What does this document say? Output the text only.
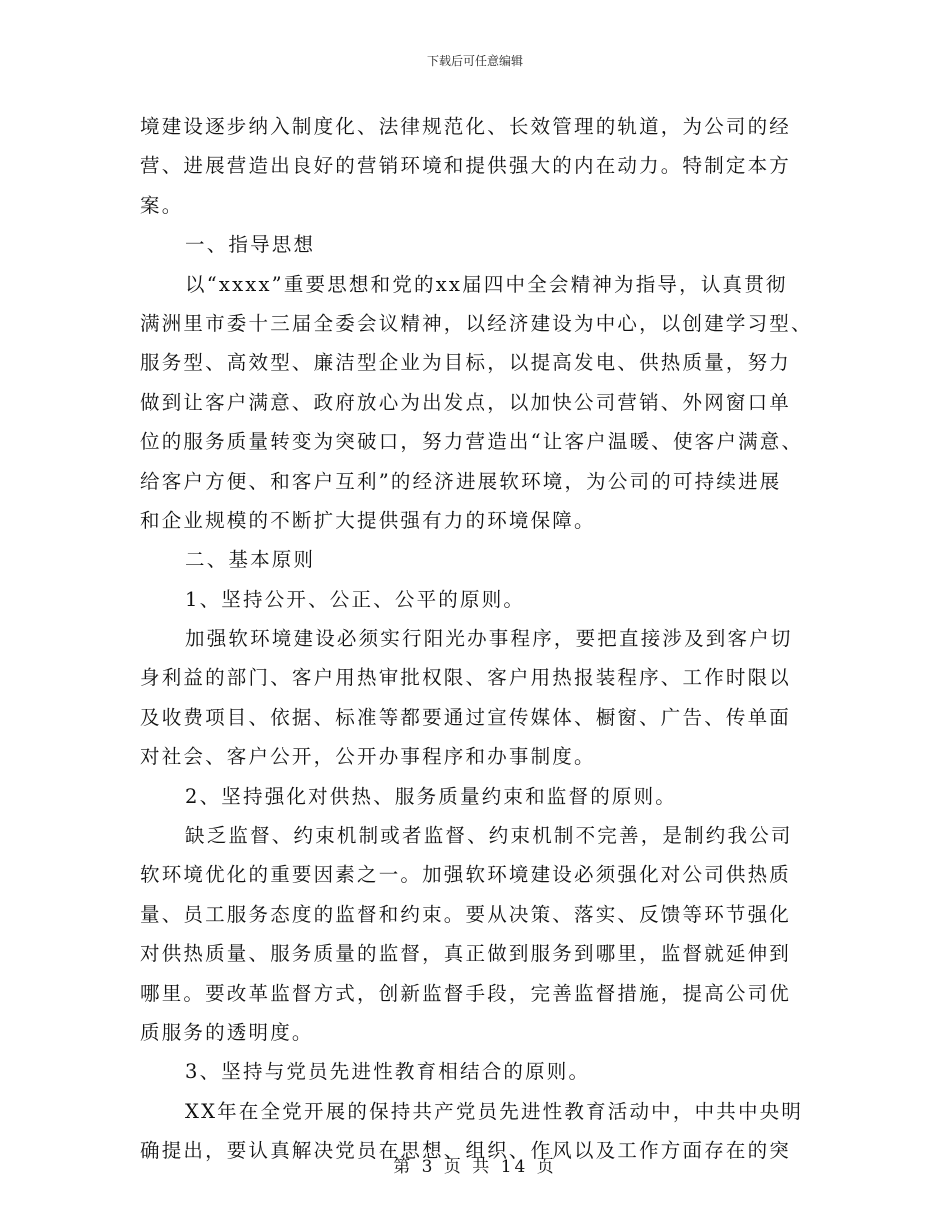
下载后可任意编辑
境建设逐步纳入制度化、法律规范化、长效管理的轨道，为公司的经
营、进展营造出良好的营销环境和提供强大的内在动力。特制定本方
案。
一、指导思想
以“xxxx”重要思想和党的xx届四中全会精神为指导，认真贯彻
满洲里市委十三届全委会议精神，以经济建设为中心，以创建学习型、
服务型、高效型、廉洁型企业为目标，以提高发电、供热质量，努力
做到让客户满意、政府放心为出发点，以加快公司营销、外网窗口单
位的服务质量转变为突破口，努力营造出“让客户温暖、使客户满意、
给客户方便、和客户互利”的经济进展软环境，为公司的可持续进展
和企业规模的不断扩大提供强有力的环境保障。
二、基本原则
1、坚持公开、公正、公平的原则。
加强软环境建设必须实行阳光办事程序，要把直接涉及到客户切
身利益的部门、客户用热审批权限、客户用热报装程序、工作时限以
及收费项目、依据、标准等都要通过宣传媒体、橱窗、广告、传单面
对社会、客户公开，公开办事程序和办事制度。
2、坚持强化对供热、服务质量约束和监督的原则。
缺乏监督、约束机制或者监督、约束机制不完善，是制约我公司
软环境优化的重要因素之一。加强软环境建设必须强化对公司供热质
量、员工服务态度的监督和约束。要从决策、落实、反馈等环节强化
对供热质量、服务质量的监督，真正做到服务到哪里，监督就延伸到
哪里。要改革监督方式，创新监督手段，完善监督措施，提高公司优
质服务的透明度。
3、坚持与党员先进性教育相结合的原则。
XX年在全党开展的保持共产党员先进性教育活动中，中共中央明
确提出，要认真解决党员在思想、组织、作风以及工作方面存在的突
第 3 页 共 14 页
